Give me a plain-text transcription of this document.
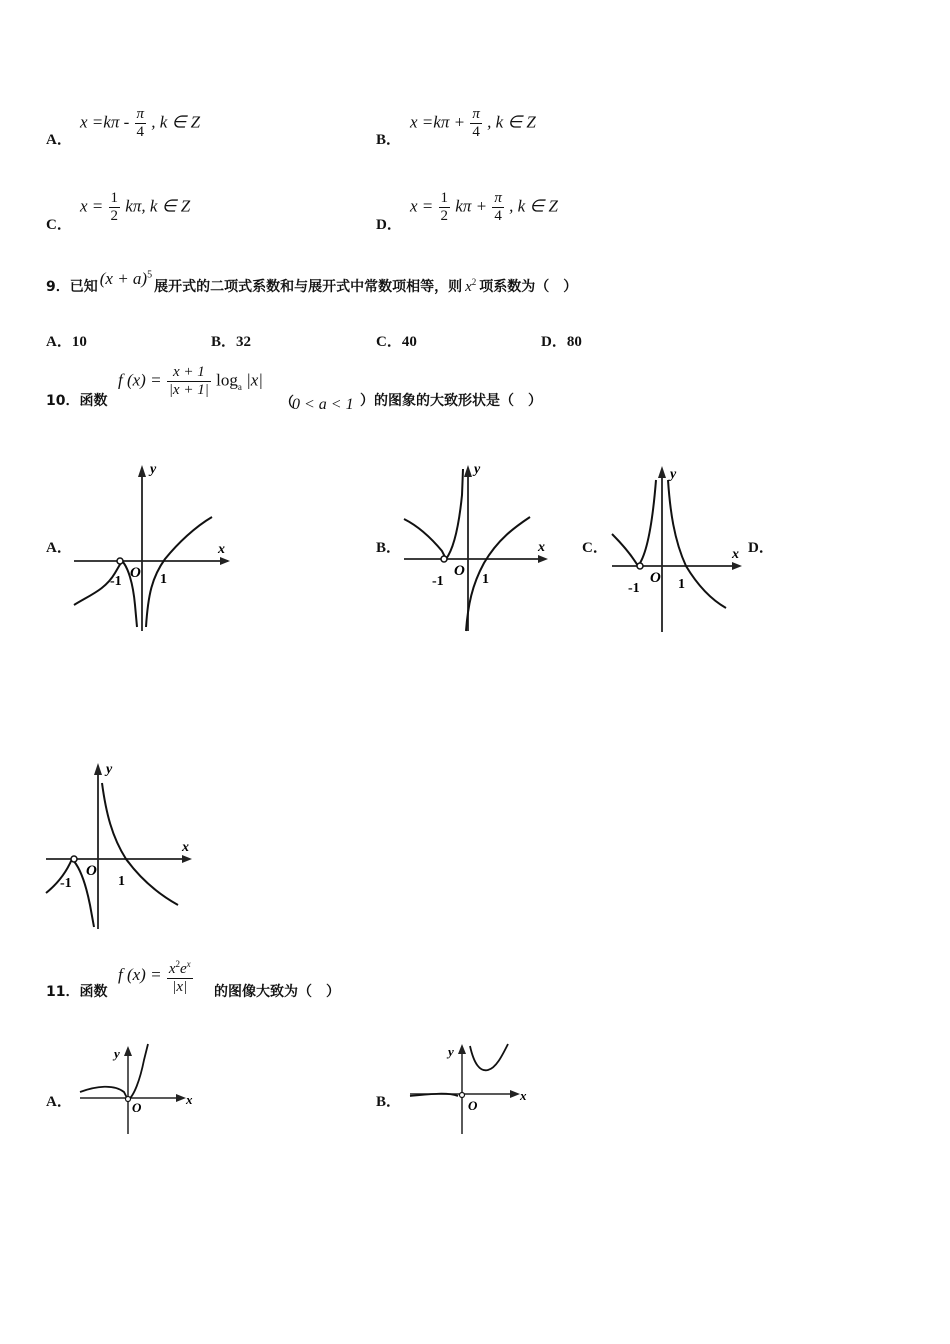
A．
$x =k\pi - \frac{\pi}{4}$ , k ∈ Z
B．
$x =k\pi + \frac{\pi}{4}$ , k ∈ Z
C．
$x = \frac{1}{2} k\pi$, k ∈ Z
D．
$x = \frac{1}{2}$ $k\pi + \frac{\pi}{4}$ , k ∈ Z
9．已知 $(x + a)^5$展开式的二项式系数和与展开式中常数项相等，则 $x^2$ 项系数为（　）
A．10	B．32	C．40	D．80
10．函数
f $(x) = \frac{x + 1}{|x + 1|} \log_a |x|$
（
0 < a < 1 ）的图象的大致形状是（　）
A．	B．	C．	D．
x
y
-1	1
O
x
y
-1	1
O
x
y
-1	1
O
x
y
-1	1
O
11．函数
f $(x) = \frac{x^2e^x}{|x|}$ 的图像大致为（　）
A．	B．
x
y
O
x
y
O
